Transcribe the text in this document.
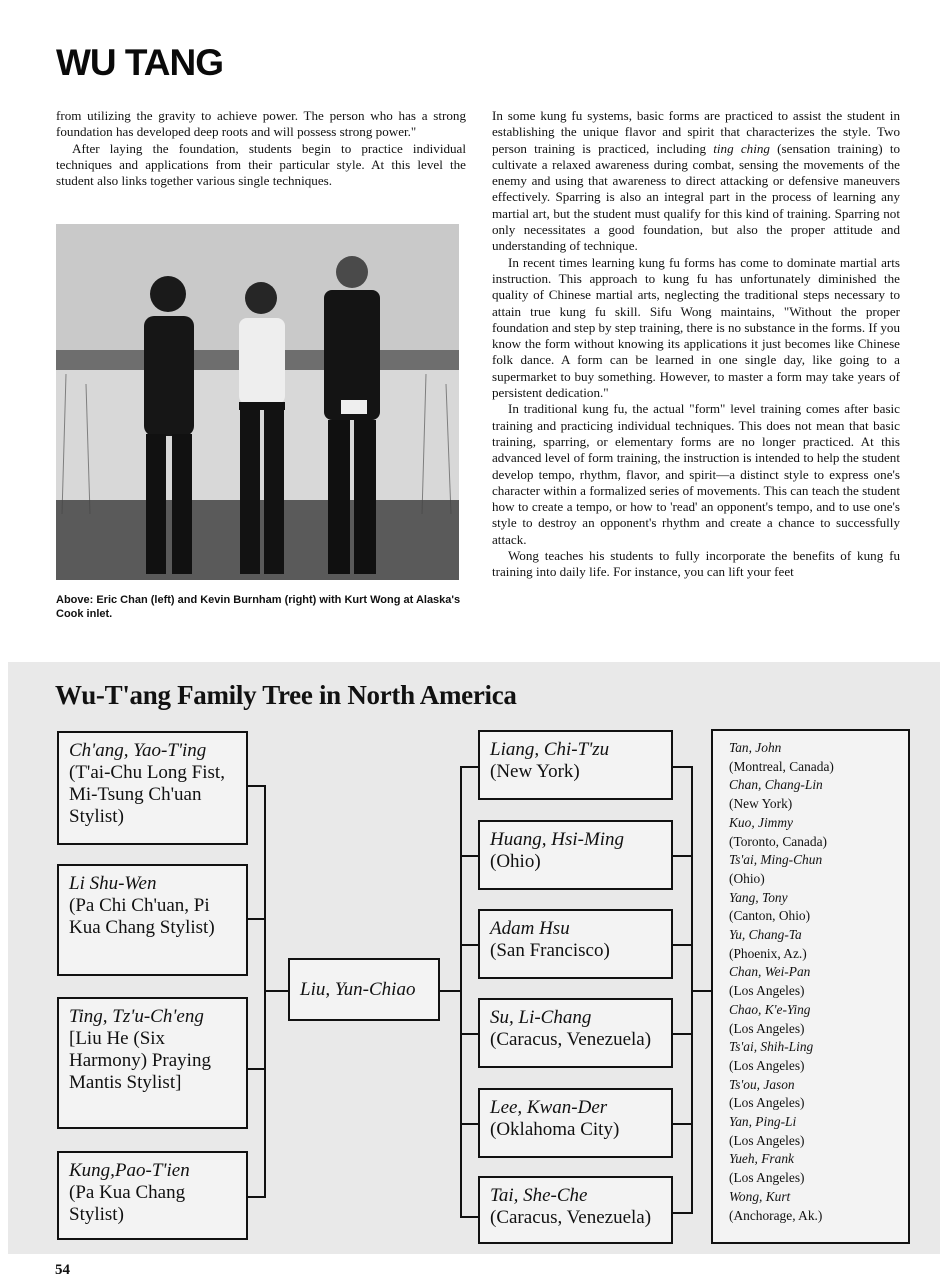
WU TANG

from utilizing the gravity to achieve power. The person who has a strong foundation has developed deep roots and will possess strong power."

After laying the foundation, students begin to practice individual techniques and applications from their particular style. At this level the student also links together various single techniques.

Above: Eric Chan (left) and Kevin Burnham (right) with Kurt Wong at Alaska's Cook inlet.

In some kung fu systems, basic forms are practiced to assist the student in establishing the unique flavor and spirit that characterizes the style. Two person training is practiced, including ting ching (sensation training) to cultivate a relaxed awareness during combat, sensing the movements of the enemy and using that awareness to direct attacking or defensive maneuvers effectively. Sparring is also an integral part in the process of learning any martial art, but the student must qualify for this kind of training. Sparring not only necessitates a good foundation, but also the proper attitude and understanding of technique.

In recent times learning kung fu forms has come to dominate martial arts instruction. This approach to kung fu has unfortunately diminished the quality of Chinese martial arts, neglecting the traditional steps necessary to attain true kung fu skill. Sifu Wong maintains, "Without the proper foundation and step by step training, there is no substance in the forms. If you know the form without knowing its applications it just becomes like Chinese folk dance. A form can be learned in one single day, like going to a supermarket to buy something. However, to master a form may take years of persistent dedication."

In traditional kung fu, the actual "form" level training comes after basic training and practicing individual techniques. This does not mean that basic training, sparring, or elementary forms are no longer practiced. At this advanced level of form training, the instruction is intended to help the student develop tempo, rhythm, flavor, and spirit—a distinct style to express one's character within a formalized series of movements. This can teach the student how to create a tempo, or how to 'read' an opponent's tempo, and to use one's style to destroy an opponent's rhythm and create a chance to successfully attack.

Wong teaches his students to fully incorporate the benefits of kung fu training into daily life. For instance, you can lift your feet

Wu-T'ang Family Tree in North America
Ch'ang, Yao-T'ing
(T'ai-Chu Long Fist, Mi-Tsung Ch'uan Stylist)
Li Shu-Wen
(Pa Chi Ch'uan, Pi Kua Chang Stylist)
Ting, Tz'u-Ch'eng
[Liu He (Six Harmony) Praying Mantis Stylist]
Kung,Pao-T'ien
(Pa Kua Chang Stylist)
Liu, Yun-Chiao
Liang, Chi-T'zu
(New York)
Huang, Hsi-Ming
(Ohio)
Adam Hsu
(San Francisco)
Su, Li-Chang
(Caracus, Venezuela)
Lee, Kwan-Der
(Oklahoma City)
Tai, She-Che
(Caracus, Venezuela)
Tan, John
(Montreal, Canada)
Chan, Chang-Lin
(New York)
Kuo, Jimmy
(Toronto, Canada)
Ts'ai, Ming-Chun
(Ohio)
Yang, Tony
(Canton, Ohio)
Yu, Chang-Ta
(Phoenix, Az.)
Chan, Wei-Pan
(Los Angeles)
Chao, K'e-Ying
(Los Angeles)
Ts'ai, Shih-Ling
(Los Angeles)
Ts'ou, Jason
(Los Angeles)
Yan, Ping-Li
(Los Angeles)
Yueh, Frank
(Los Angeles)
Wong, Kurt
(Anchorage, Ak.)
54
